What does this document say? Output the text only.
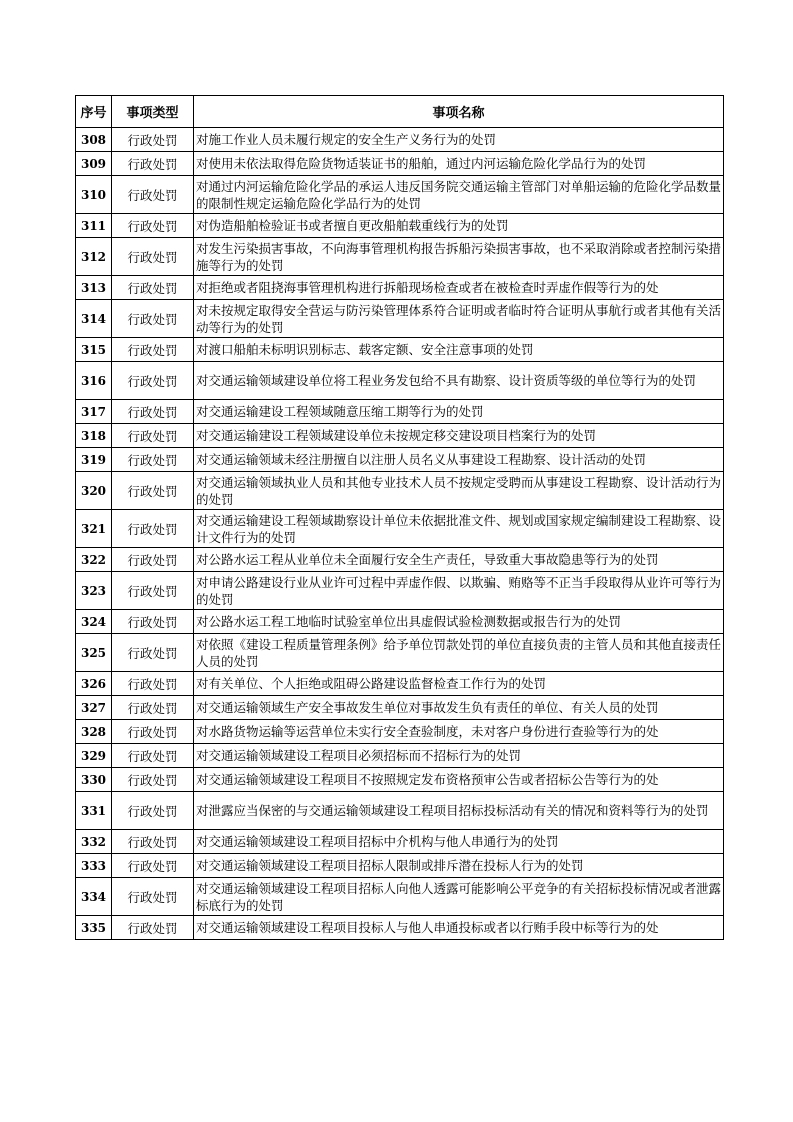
序号	事项类型	事项名称
308	行政处罚	对施工作业人员未履行规定的安全生产义务行为的处罚
309	行政处罚	对使用未依法取得危险货物适装证书的船舶，通过内河运输危险化学品行为的处罚
310	行政处罚	对通过内河运输危险化学品的承运人违反国务院交通运输主管部门对单船运输的危险化学品数量的限制性规定运输危险化学品行为的处罚
311	行政处罚	对伪造船舶检验证书或者擅自更改船舶载重线行为的处罚
312	行政处罚	对发生污染损害事故，不向海事管理机构报告拆船污染损害事故，也不采取消除或者控制污染措施等行为的处罚
313	行政处罚	对拒绝或者阻挠海事管理机构进行拆船现场检查或者在被检查时弄虚作假等行为的处
314	行政处罚	对未按规定取得安全营运与防污染管理体系符合证明或者临时符合证明从事航行或者其他有关活动等行为的处罚
315	行政处罚	对渡口船舶未标明识别标志、载客定额、安全注意事项的处罚
316	行政处罚	对交通运输领域建设单位将工程业务发包给不具有勘察、设计资质等级的单位等行为的处罚
317	行政处罚	对交通运输建设工程领域随意压缩工期等行为的处罚
318	行政处罚	对交通运输建设工程领域建设单位未按规定移交建设项目档案行为的处罚
319	行政处罚	对交通运输领域未经注册擅自以注册人员名义从事建设工程勘察、设计活动的处罚
320	行政处罚	对交通运输领域执业人员和其他专业技术人员不按规定受聘而从事建设工程勘察、设计活动行为的处罚
321	行政处罚	对交通运输建设工程领域勘察设计单位未依据批准文件、规划或国家规定编制建设工程勘察、设计文件行为的处罚
322	行政处罚	对公路水运工程从业单位未全面履行安全生产责任，导致重大事故隐患等行为的处罚
323	行政处罚	对申请公路建设行业从业许可过程中弄虚作假、以欺骗、贿赂等不正当手段取得从业许可等行为的处罚
324	行政处罚	对公路水运工程工地临时试验室单位出具虚假试验检测数据或报告行为的处罚
325	行政处罚	对依照《建设工程质量管理条例》给予单位罚款处罚的单位直接负责的主管人员和其他直接责任人员的处罚
326	行政处罚	对有关单位、个人拒绝或阻碍公路建设监督检查工作行为的处罚
327	行政处罚	对交通运输领域生产安全事故发生单位对事故发生负有责任的单位、有关人员的处罚
328	行政处罚	对水路货物运输等运营单位未实行安全查验制度，未对客户身份进行查验等行为的处
329	行政处罚	对交通运输领域建设工程项目必须招标而不招标行为的处罚
330	行政处罚	对交通运输领域建设工程项目不按照规定发布资格预审公告或者招标公告等行为的处
331	行政处罚	对泄露应当保密的与交通运输领域建设工程项目招标投标活动有关的情况和资料等行为的处罚
332	行政处罚	对交通运输领域建设工程项目招标中介机构与他人串通行为的处罚
333	行政处罚	对交通运输领域建设工程项目招标人限制或排斥潜在投标人行为的处罚
334	行政处罚	对交通运输领域建设工程项目招标人向他人透露可能影响公平竞争的有关招标投标情况或者泄露标底行为的处罚
335	行政处罚	对交通运输领域建设工程项目投标人与他人串通投标或者以行贿手段中标等行为的处
